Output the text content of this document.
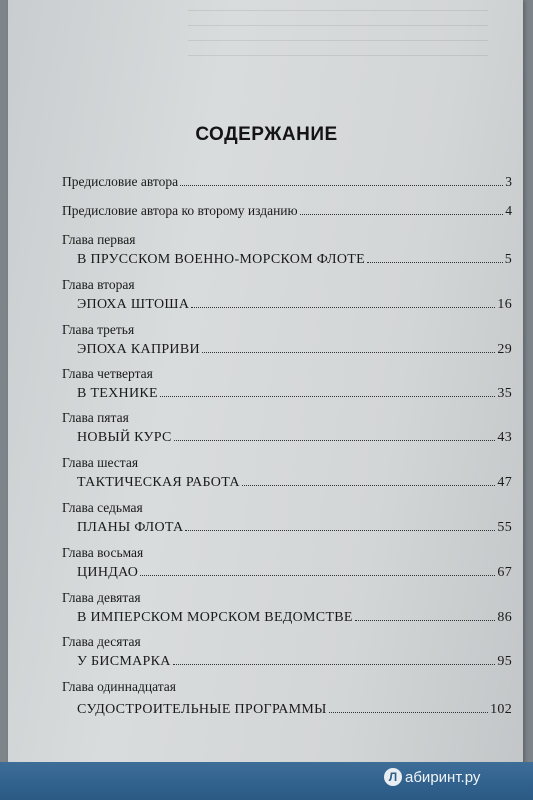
СОДЕРЖАНИЕ
Предисловие автора	3
Предисловие автора ко второму изданию	4
Глава первая
В ПРУССКОМ ВОЕННО-МОРСКОМ ФЛОТЕ	5
Глава вторая
ЭПОХА ШТОША	16
Глава третья
ЭПОХА КАПРИВИ	29
Глава четвертая
В ТЕХНИКЕ	35
Глава пятая
НОВЫЙ КУРС	43
Глава шестая
ТАКТИЧЕСКАЯ РАБОТА	47
Глава седьмая
ПЛАНЫ ФЛОТА	55
Глава восьмая
ЦИНДАО	67
Глава девятая
В ИМПЕРСКОМ МОРСКОМ ВЕДОМСТВЕ	86
Глава десятая
У БИСМАРКА	95
Глава одиннадцатая
СУДОСТРОИТЕЛЬНЫЕ ПРОГРАММЫ	102
Л абиринт.ру
